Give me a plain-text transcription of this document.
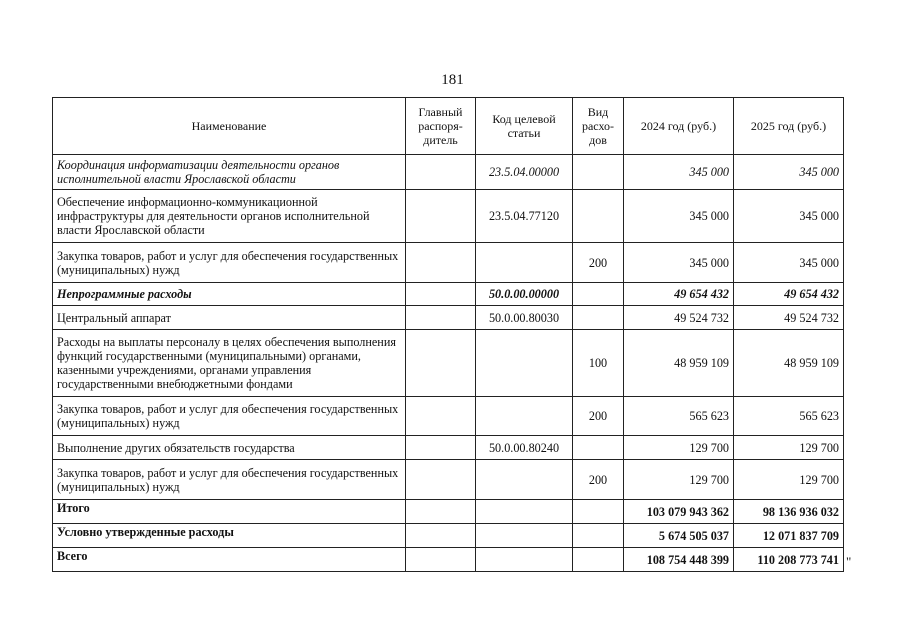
181
Наименование	Главный распоря-дитель	Код целевой статьи	Вид расхо-дов	2024 год (руб.)	2025 год (руб.)
Координация информатизации деятельности органов исполнительной власти Ярославской области		23.5.04.00000		345 000	345 000
Обеспечение информационно-коммуникационной инфраструктуры для деятельности органов исполнительной власти Ярославской области		23.5.04.77120		345 000	345 000
Закупка товаров, работ и услуг для обеспечения государственных (муниципальных) нужд			200	345 000	345 000
Непрограммные расходы		50.0.00.00000		49 654 432	49 654 432
Центральный аппарат		50.0.00.80030		49 524 732	49 524 732
Расходы на выплаты персоналу в целях обеспечения выполнения функций государственными (муниципальными) органами, казенными учреждениями, органами управления государственными внебюджетными фондами			100	48 959 109	48 959 109
Закупка товаров, работ и услуг для обеспечения государственных (муниципальных) нужд			200	565 623	565 623
Выполнение других обязательств государства		50.0.00.80240		129 700	129 700
Закупка товаров, работ и услуг для обеспечения государственных (муниципальных) нужд			200	129 700	129 700
Итого				103 079 943 362	98 136 936 032
Условно утвержденные расходы				5 674 505 037	12 071 837 709
Всего				108 754 448 399	110 208 773 741 "
